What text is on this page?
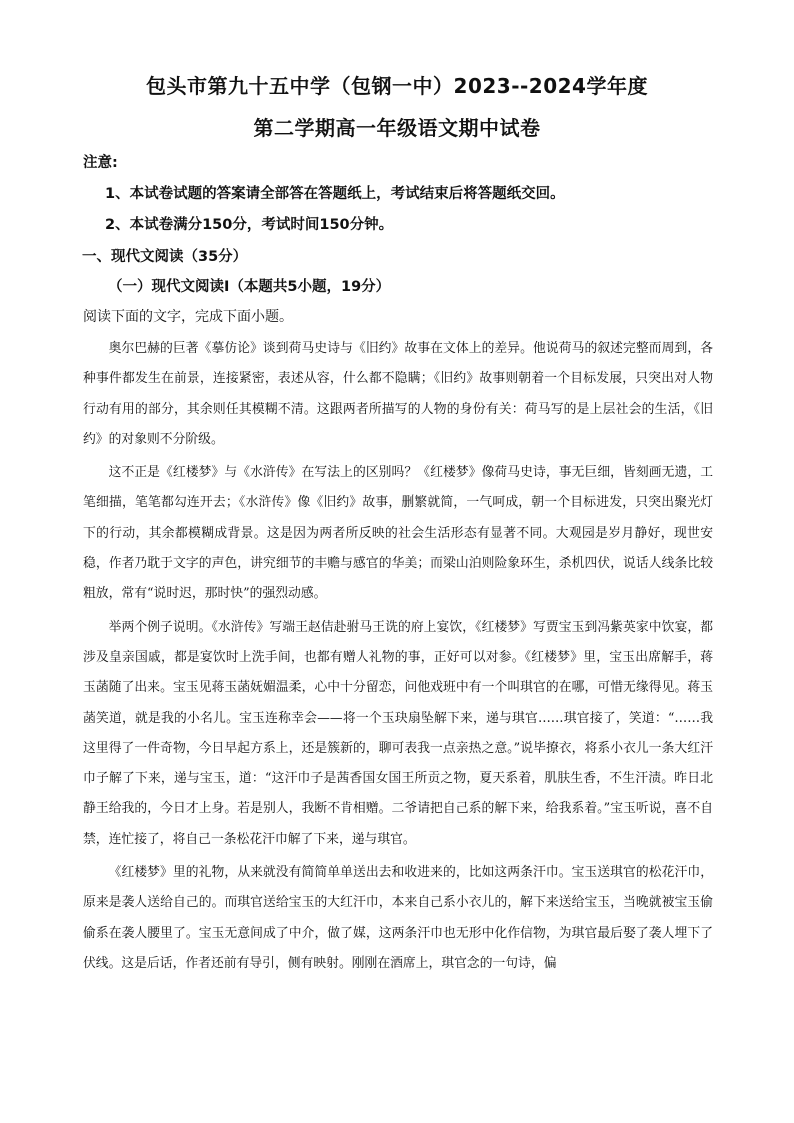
包头市第九十五中学（包钢一中）2023--2024学年度
第二学期高一年级语文期中试卷
注意:
1、本试卷试题的答案请全部答在答题纸上，考试结束后将答题纸交回。
2、本试卷满分150分，考试时间150分钟。
一、现代文阅读（35分）
（一）现代文阅读Ⅰ（本题共5小题，19分）
阅读下面的文字，完成下面小题。

奥尔巴赫的巨著《摹仿论》谈到荷马史诗与《旧约》故事在文体上的差异。他说荷马的叙述完整而周到，各种事件都发生在前景，连接紧密，表述从容，什么都不隐瞒；《旧约》故事则朝着一个目标发展，只突出对人物行动有用的部分，其余则任其模糊不清。这跟两者所描写的人物的身份有关：荷马写的是上层社会的生活，《旧约》的对象则不分阶级。

这不正是《红楼梦》与《水浒传》在写法上的区别吗？《红楼梦》像荷马史诗，事无巨细，皆刻画无遗，工笔细描，笔笔都勾连开去；《水浒传》像《旧约》故事，删繁就简，一气呵成，朝一个目标进发，只突出聚光灯下的行动，其余都模糊成背景。这是因为两者所反映的社会生活形态有显著不同。大观园是岁月静好，现世安稳，作者乃耽于文字的声色，讲究细节的丰赡与感官的华美；而梁山泊则险象环生，杀机四伏，说话人线条比较粗放，常有“说时迟，那时快”的强烈动感。

举两个例子说明。《水浒传》写端王赵佶赴驸马王诜的府上宴饮，《红楼梦》写贾宝玉到冯紫英家中饮宴，都涉及皇亲国戚，都是宴饮时上洗手间，也都有赠人礼物的事，正好可以对参。《红楼梦》里，宝玉出席解手，蒋玉菡随了出来。宝玉见蒋玉菡妩媚温柔，心中十分留恋，问他戏班中有一个叫琪官的在哪，可惜无缘得见。蒋玉菡笑道，就是我的小名儿。宝玉连称幸会——将一个玉玦扇坠解下来，递与琪官……琪官接了，笑道：“……我这里得了一件奇物，今日早起方系上，还是簇新的，聊可表我一点亲热之意。”说毕撩衣，将系小衣儿一条大红汗巾子解了下来，递与宝玉，道：“这汗巾子是茜香国女国王所贡之物，夏天系着，肌肤生香，不生汗渍。昨日北静王给我的，今日才上身。若是别人，我断不肯相赠。二爷请把自己系的解下来，给我系着。”宝玉听说，喜不自禁，连忙接了，将自己一条松花汗巾解了下来，递与琪官。

《红楼梦》里的礼物，从来就没有简简单单送出去和收进来的，比如这两条汗巾。宝玉送琪官的松花汗巾，原来是袭人送给自己的。而琪官送给宝玉的大红汗巾，本来自己系小衣儿的，解下来送给宝玉，当晚就被宝玉偷偷系在袭人腰里了。宝玉无意间成了中介，做了媒，这两条汗巾也无形中化作信物，为琪官最后娶了袭人埋下了伏线。这是后话，作者还前有导引，侧有映射。刚刚在酒席上，琪官念的一句诗，偏
